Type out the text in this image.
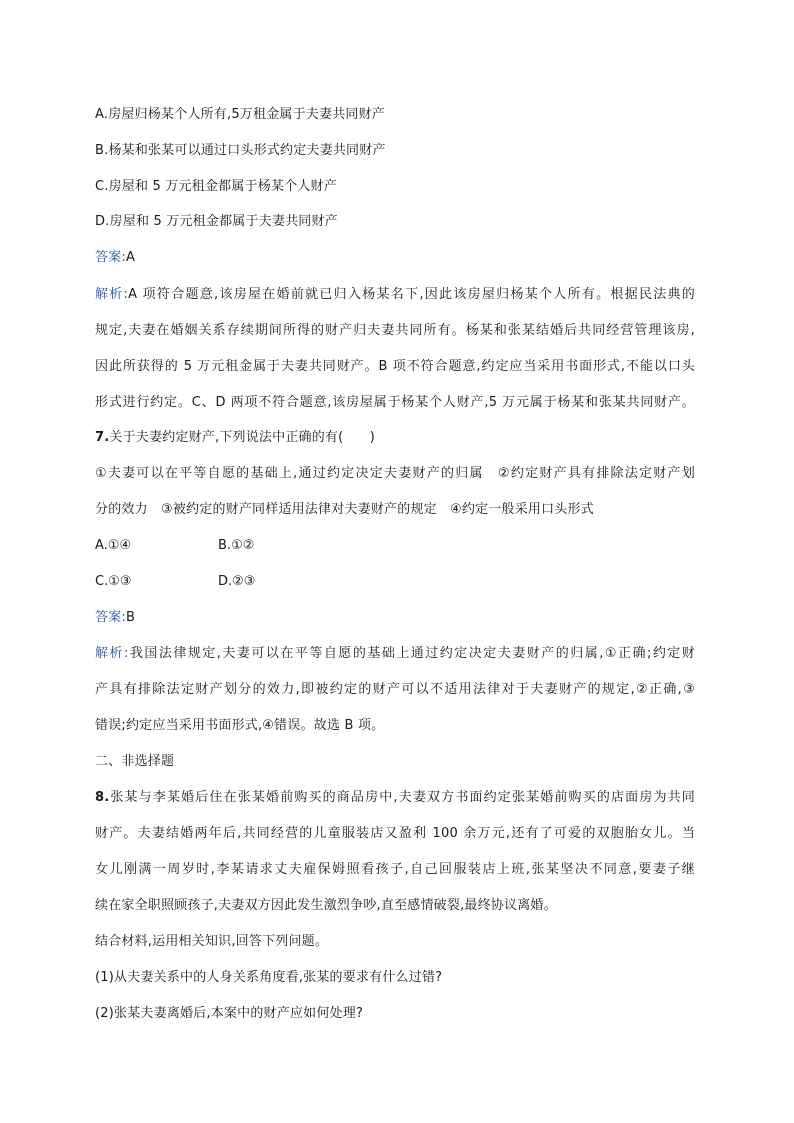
A.房屋归杨某个人所有,5万租金属于夫妻共同财产
B.杨某和张某可以通过口头形式约定夫妻共同财产
C.房屋和 5 万元租金都属于杨某个人财产
D.房屋和 5 万元租金都属于夫妻共同财产
答案:A
解析:A 项符合题意,该房屋在婚前就已归入杨某名下,因此该房屋归杨某个人所有。根据民法典的
规定,夫妻在婚姻关系存续期间所得的财产归夫妻共同所有。杨某和张某结婚后共同经营管理该房,
因此所获得的 5 万元租金属于夫妻共同财产。B 项不符合题意,约定应当采用书面形式,不能以口头
形式进行约定。C、D 两项不符合题意,该房屋属于杨某个人财产,5 万元属于杨某和张某共同财产。
7.关于夫妻约定财产,下列说法中正确的有(　　)
①夫妻可以在平等自愿的基础上,通过约定决定夫妻财产的归属　②约定财产具有排除法定财产划
分的效力　③被约定的财产同样适用法律对夫妻财产的规定　④约定一般采用口头形式
A.①④	B.①②
C.①③	D.②③
答案:B
解析:我国法律规定,夫妻可以在平等自愿的基础上通过约定决定夫妻财产的归属,①正确;约定财
产具有排除法定财产划分的效力,即被约定的财产可以不适用法律对于夫妻财产的规定,②正确,③
错误;约定应当采用书面形式,④错误。故选 B 项。
二、非选择题
8.张某与李某婚后住在张某婚前购买的商品房中,夫妻双方书面约定张某婚前购买的店面房为共同
财产。夫妻结婚两年后,共同经营的儿童服装店又盈利 100 余万元,还有了可爱的双胞胎女儿。当
女儿刚满一周岁时,李某请求丈夫雇保姆照看孩子,自己回服装店上班,张某坚决不同意,要妻子继
续在家全职照顾孩子,夫妻双方因此发生激烈争吵,直至感情破裂,最终协议离婚。
结合材料,运用相关知识,回答下列问题。
(1)从夫妻关系中的人身关系角度看,张某的要求有什么过错?
(2)张某夫妻离婚后,本案中的财产应如何处理?
